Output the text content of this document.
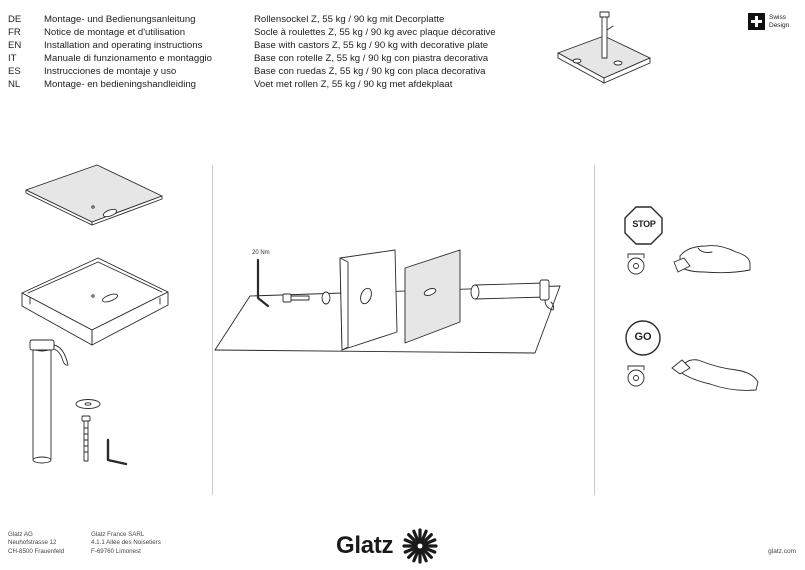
DE	Montage- und Bedienungsanleitung	Rollensockel Z, 55 kg / 90 kg mit Decorplatte
FR	Notice de montage et d'utilisation	Socle à roulettes Z, 55 kg / 90 kg avec plaque décorative
EN	Installation and operating instructions	Base with castors Z, 55 kg / 90 kg with decorative plate
IT	Manuale di funzionamento e montaggio	Base con rotelle Z, 55 kg / 90 kg con piastra decorativa
ES	Instrucciones de montaje y uso	Base con ruedas Z, 55 kg / 90 kg con placa decorativa
NL	Montage- en bedieningshandleiding	Voet met rollen Z, 55 kg / 90 kg met afdekplaat
Swiss
Design
20 Nm
STOP
GO
Glatz AG
Neuhofstrasse 12
CH-8500 Frauenfeld
Glatz France SARL
4.1.1 Allée des Noisetiers
F-69760 Limonest	Glatz	glatz.com
